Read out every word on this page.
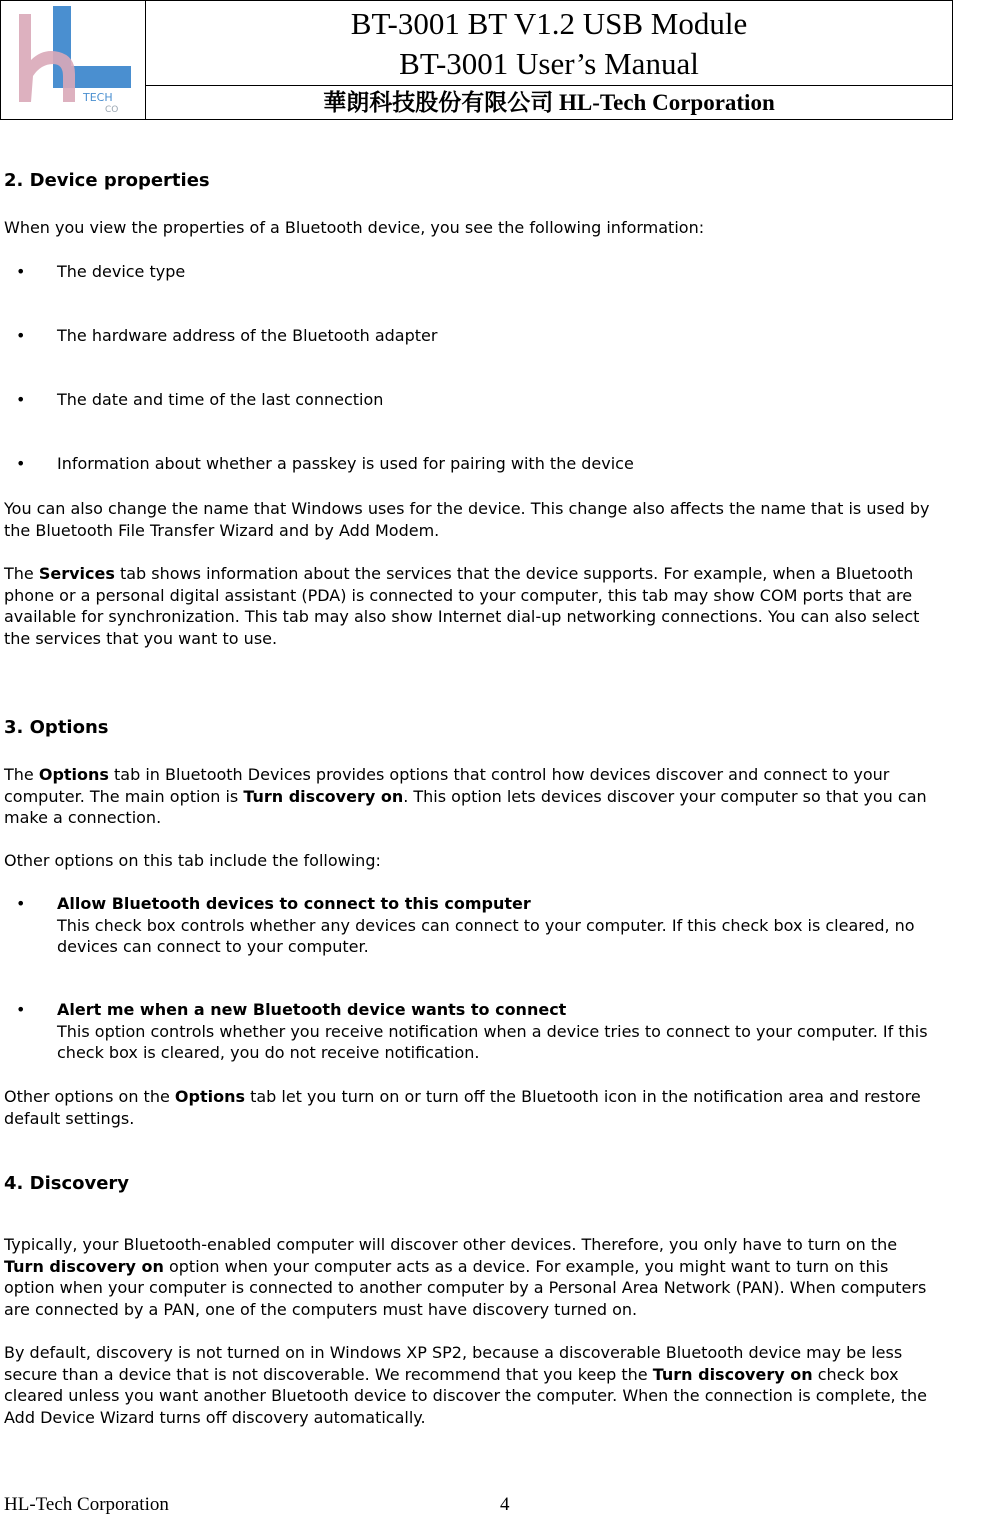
TECH
CO
BT-3001 BT V1.2 USB Module
BT-3001 User’s Manual
華朗科技股份有限公司 HL-Tech Corporation
2. Device properties
When you view the properties of a Bluetooth device, you see the following information:
• The device type
• The hardware address of the Bluetooth adapter
• The date and time of the last connection
• Information about whether a passkey is used for pairing with the device
You can also change the name that Windows uses for the device. This change also affects the name that is used by
the Bluetooth File Transfer Wizard and by Add Modem.
The Services tab shows information about the services that the device supports. For example, when a Bluetooth
phone or a personal digital assistant (PDA) is connected to your computer, this tab may show COM ports that are
available for synchronization. This tab may also show Internet dial-up networking connections. You can also select
the services that you want to use.
3. Options
The Options tab in Bluetooth Devices provides options that control how devices discover and connect to your
computer. The main option is Turn discovery on. This option lets devices discover your computer so that you can
make a connection.
Other options on this tab include the following:
• Allow Bluetooth devices to connect to this computer
This check box controls whether any devices can connect to your computer. If this check box is cleared, no
devices can connect to your computer.
• Alert me when a new Bluetooth device wants to connect
This option controls whether you receive notification when a device tries to connect to your computer. If this
check box is cleared, you do not receive notification.
Other options on the Options tab let you turn on or turn off the Bluetooth icon in the notification area and restore
default settings.
4. Discovery
Typically, your Bluetooth-enabled computer will discover other devices. Therefore, you only have to turn on the
Turn discovery on option when your computer acts as a device. For example, you might want to turn on this
option when your computer is connected to another computer by a Personal Area Network (PAN). When computers
are connected by a PAN, one of the computers must have discovery turned on.
By default, discovery is not turned on in Windows XP SP2, because a discoverable Bluetooth device may be less
secure than a device that is not discoverable. We recommend that you keep the Turn discovery on check box
cleared unless you want another Bluetooth device to discover the computer. When the connection is complete, the
Add Device Wizard turns off discovery automatically.
HL-Tech Corporation	4
